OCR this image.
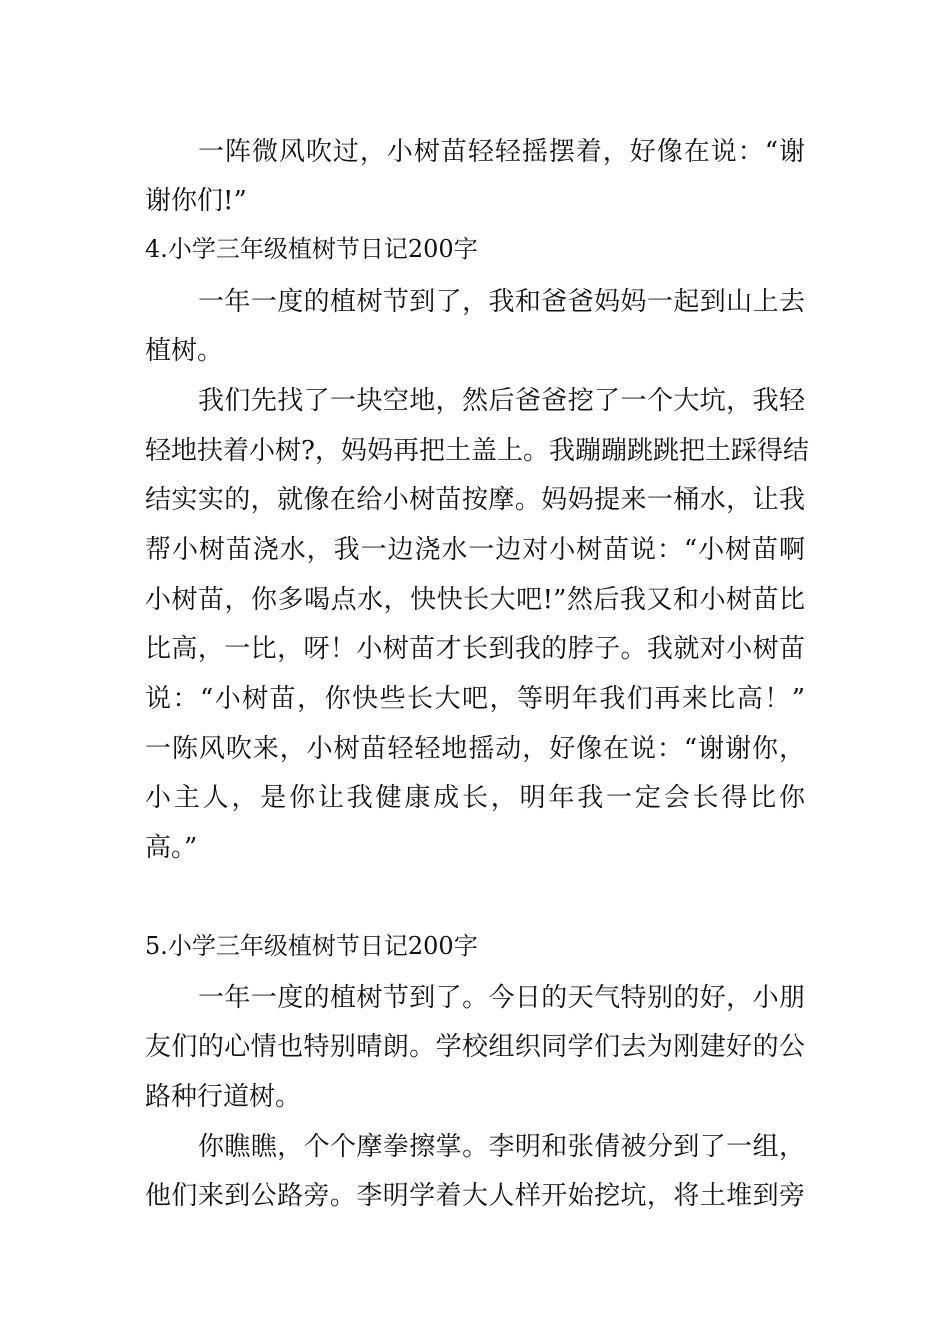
一阵微风吹过，小树苗轻轻摇摆着，好像在说：“谢
谢你们!”
4.小学三年级植树节日记200字
一年一度的植树节到了，我和爸爸妈妈一起到山上去
植树。
我们先找了一块空地，然后爸爸挖了一个大坑，我轻
轻地扶着小树?，妈妈再把土盖上。我蹦蹦跳跳把土踩得结
结实实的，就像在给小树苗按摩。妈妈提来一桶水，让我
帮小树苗浇水，我一边浇水一边对小树苗说：“小树苗啊
小树苗，你多喝点水，快快长大吧!”然后我又和小树苗比
比高，一比，呀！小树苗才长到我的脖子。我就对小树苗
说：“小树苗，你快些长大吧，等明年我们再来比高！”
一陈风吹来，小树苗轻轻地摇动，好像在说：“谢谢你，
小主人，是你让我健康成长，明年我一定会长得比你
高。”
5.小学三年级植树节日记200字
一年一度的植树节到了。今日的天气特别的好，小朋
友们的心情也特别晴朗。学校组织同学们去为刚建好的公
路种行道树。
你瞧瞧，个个摩拳擦掌。李明和张倩被分到了一组，
他们来到公路旁。李明学着大人样开始挖坑，将土堆到旁
